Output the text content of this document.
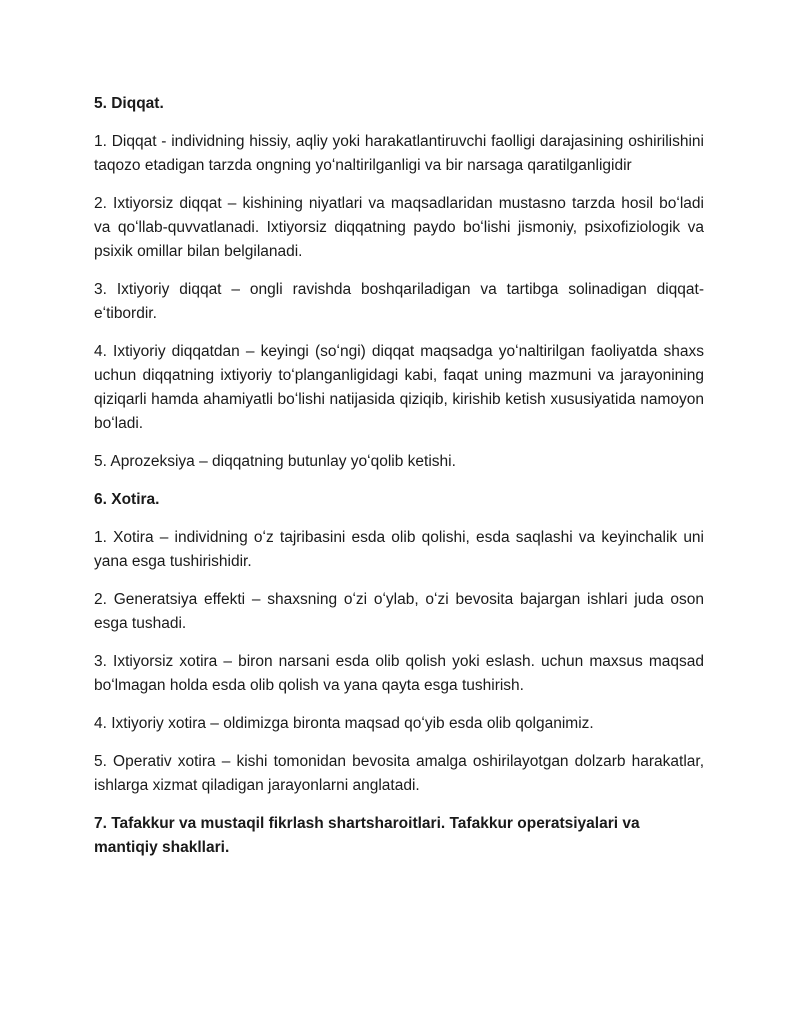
5. Diqqat.

1. Diqqat - individning hissiy, aqliy yoki harakatlantiruvchi faolligi darajasining oshirilishini taqozo etadigan tarzda ongning yoʻnaltirilganligi va bir narsaga qaratilganligidir

2. Ixtiyorsiz diqqat – kishining niyatlari va maqsadlaridan mustasno tarzda hosil boʻladi va qoʻllab-quvvatlanadi. Ixtiyorsiz diqqatning paydo boʻlishi jismoniy, psixofiziologik va psixik omillar bilan belgilanadi.

3. Ixtiyoriy diqqat – ongli ravishda boshqariladigan va tartibga solinadigan diqqat-eʻtibordir.

4. Ixtiyoriy diqqatdan – keyingi (soʻngi) diqqat maqsadga yoʻnaltirilgan faoliyatda shaxs uchun diqqatning ixtiyoriy toʻplanganligidagi kabi, faqat uning mazmuni va jarayonining qiziqarli hamda ahamiyatli boʻlishi natijasida qiziqib, kirishib ketish xususiyatida namoyon boʻladi.

5. Aprozeksiya – diqqatning butunlay yoʻqolib ketishi.

6. Xotira.

1. Xotira – individning oʻz tajribasini esda olib qolishi, esda saqlashi va keyinchalik uni yana esga tushirishidir.

2. Generatsiya effekti – shaxsning oʻzi oʻylab, oʻzi bevosita bajargan ishlari juda oson esga tushadi.

3. Ixtiyorsiz xotira – biron narsani esda olib qolish yoki eslash. uchun maxsus maqsad boʻlmagan holda esda olib qolish va yana qayta esga tushirish.

4. Ixtiyoriy xotira – oldimizga bironta maqsad qoʻyib esda olib qolganimiz.

5. Operativ xotira – kishi tomonidan bevosita amalga oshirilayotgan dolzarb harakatlar, ishlarga xizmat qiladigan jarayonlarni anglatadi.

7. Tafakkur va mustaqil fikrlash shartsharoitlari. Tafakkur operatsiyalari va mantiqiy shakllari.
